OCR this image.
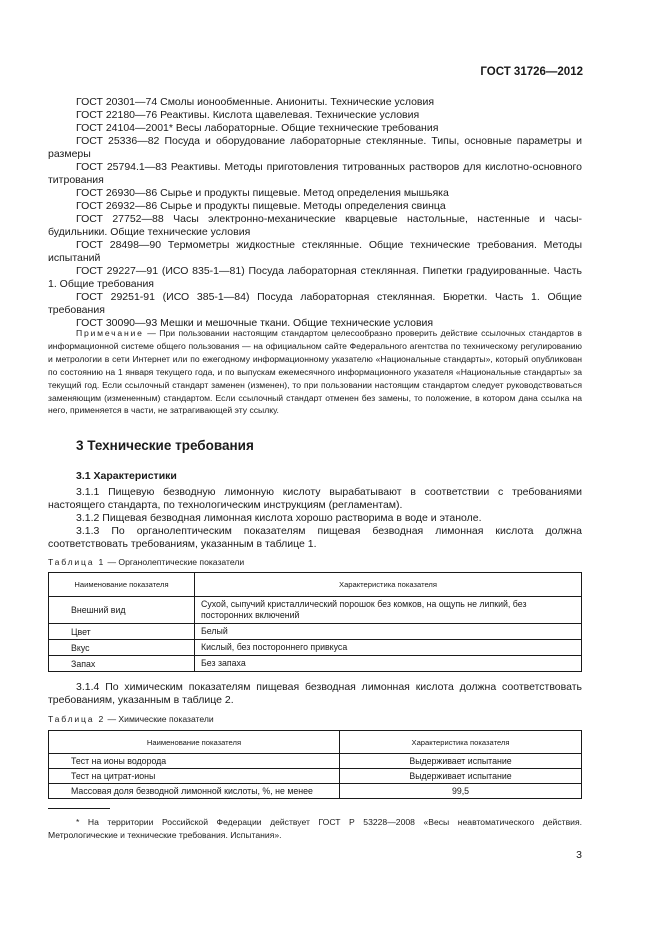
ГОСТ 31726—2012

ГОСТ 20301—74 Смолы ионообменные. Аниониты. Технические условия

ГОСТ 22180—76 Реактивы. Кислота щавелевая. Технические условия

ГОСТ 24104—2001* Весы лабораторные. Общие технические требования

ГОСТ 25336—82 Посуда и оборудование лабораторные стеклянные. Типы, основные параметры и размеры

ГОСТ 25794.1—83 Реактивы. Методы приготовления титрованных растворов для кислотно-основного титрования

ГОСТ 26930—86 Сырье и продукты пищевые. Метод определения мышьяка

ГОСТ 26932—86 Сырье и продукты пищевые. Методы определения свинца

ГОСТ 27752—88 Часы электронно-механические кварцевые настольные, настенные и часы-будильники. Общие технические условия

ГОСТ 28498—90 Термометры жидкостные стеклянные. Общие технические требования. Методы испытаний

ГОСТ 29227—91 (ИСО 835-1—81) Посуда лабораторная стеклянная. Пипетки градуированные. Часть 1. Общие требования

ГОСТ 29251-91 (ИСО 385-1—84) Посуда лабораторная стеклянная. Бюретки. Часть 1. Общие требования

ГОСТ 30090—93 Мешки и мешочные ткани. Общие технические условия

Примечание — При пользовании настоящим стандартом целесообразно проверить действие ссылочных стандартов в информационной системе общего пользования — на официальном сайте Федерального агентства по техническому регулированию и метрологии в сети Интернет или по ежегодному информационному указателю «Национальные стандарты», который опубликован по состоянию на 1 января текущего года, и по выпускам ежемесячного информационного указателя «Национальные стандарты» за текущий год. Если ссылочный стандарт заменен (изменен), то при пользовании настоящим стандартом следует руководствоваться заменяющим (измененным) стандартом. Если ссылочный стандарт отменен без замены, то положение, в котором дана ссылка на него, применяется в части, не затрагивающей эту ссылку.

3 Технические требования
3.1 Характеристики

3.1.1 Пищевую безводную лимонную кислоту вырабатывают в соответствии с требованиями настоящего стандарта, по технологическим инструкциям (регламентам).

3.1.2 Пищевая безводная лимонная кислота хорошо растворима в воде и этаноле.

3.1.3 По органолептическим показателям пищевая безводная лимонная кислота должна соответствовать требованиям, указанным в таблице 1.

Таблица 1 — Органолептические показатели

Наименование показателя	Характеристика показателя
Внешний вид	Сухой, сыпучий кристаллический порошок без комков, на ощупь не липкий, без посторонних включений
Цвет	Белый
Вкус	Кислый, без постороннего привкуса
Запах	Без запаха

3.1.4 По химическим показателям пищевая безводная лимонная кислота должна соответствовать требованиям, указанным в таблице 2.

Таблица 2 — Химические показатели

Наименование показателя	Характеристика показателя
Тест на ионы водорода	Выдерживает испытание
Тест на цитрат-ионы	Выдерживает испытание
Массовая доля безводной лимонной кислоты, %, не менее	99,5

* На территории Российской Федерации действует ГОСТ Р 53228—2008 «Весы неавтоматического действия. Метрологические и технические требования. Испытания».

3
